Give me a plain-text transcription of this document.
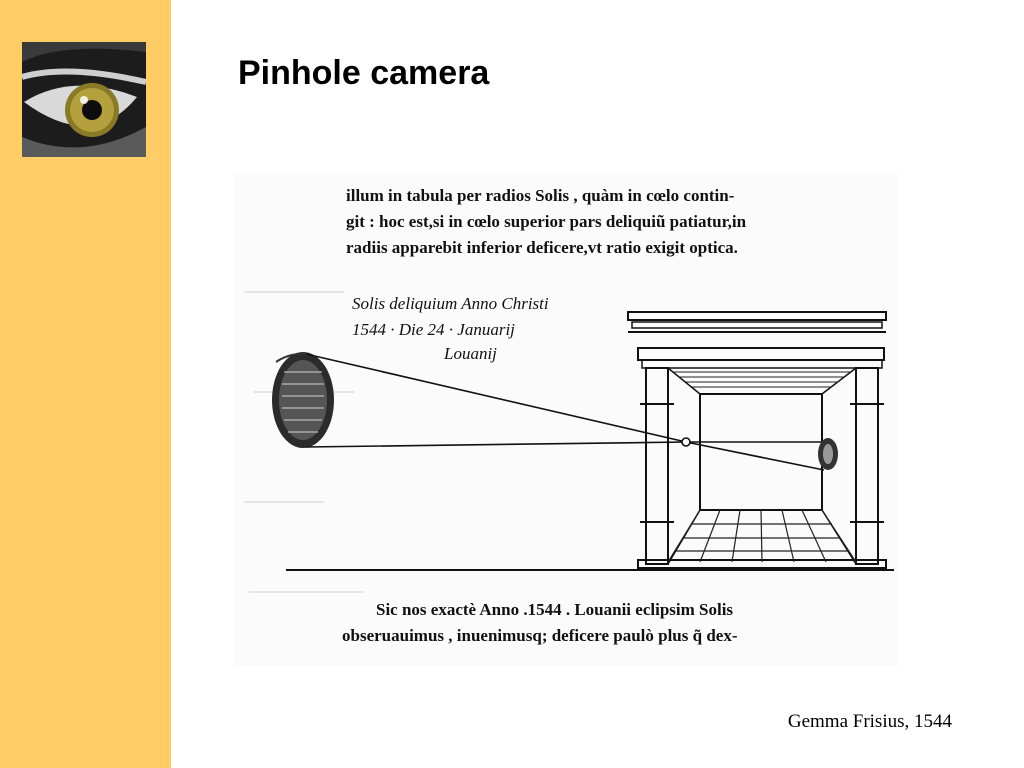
Pinhole camera

illum in tabula per radios Solis , quàm in cœlo contin-

git : hoc est,si in cœlo superior pars deliquiũ patiatur,in

radiis apparebit inferior deficere,vt ratio exigit optica.

Solis deliquium Anno Christi

1544 · Die 24 · Januarij

Louanij

Sic nos exactè Anno .1544 . Louanii eclipsim Solis

obseruauimus , inuenimusq; deficere paulò plus q̃ dex-

Gemma Frisius, 1544
